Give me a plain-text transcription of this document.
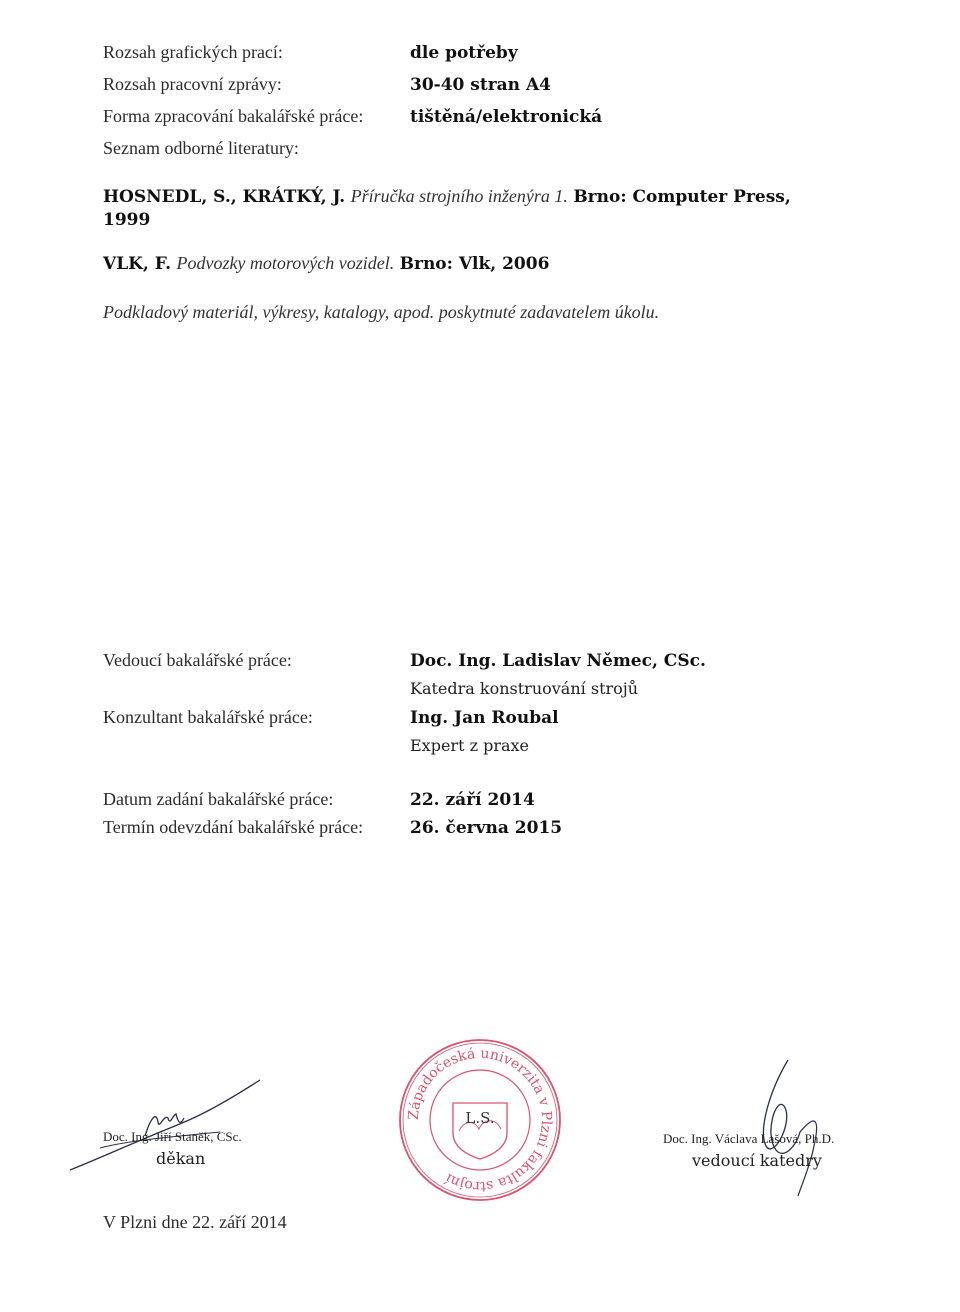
Rozsah grafických prací:	dle potřeby
Rozsah pracovní zprávy:	30-40 stran A4
Forma zpracování bakalářské práce:	tištěná/elektronická
Seznam odborné literatury:
HOSNEDL, S., KRÁTKÝ, J. Příručka strojního inženýra 1. Brno: Computer Press,
1999
VLK, F. Podvozky motorových vozidel. Brno: Vlk, 2006
Podkladový materiál, výkresy, katalogy, apod. poskytnuté zadavatelem úkolu.
Vedoucí bakalářské práce:	Doc. Ing. Ladislav Němec, CSc.
Katedra konstruování strojů
Konzultant bakalářské práce:	Ing. Jan Roubal
Expert z praxe
Datum zadání bakalářské práce:	22. září 2014
Termín odevzdání bakalářské práce:	26. června 2015
Doc. Ing. Jiří Staněk, CSc.
děkan
Západočeská univerzita v Plzni fakulta strojní
L.S.
Doc. Ing. Václava Lašová, Ph.D.
vedoucí katedry
V Plzni dne 22. září 2014
